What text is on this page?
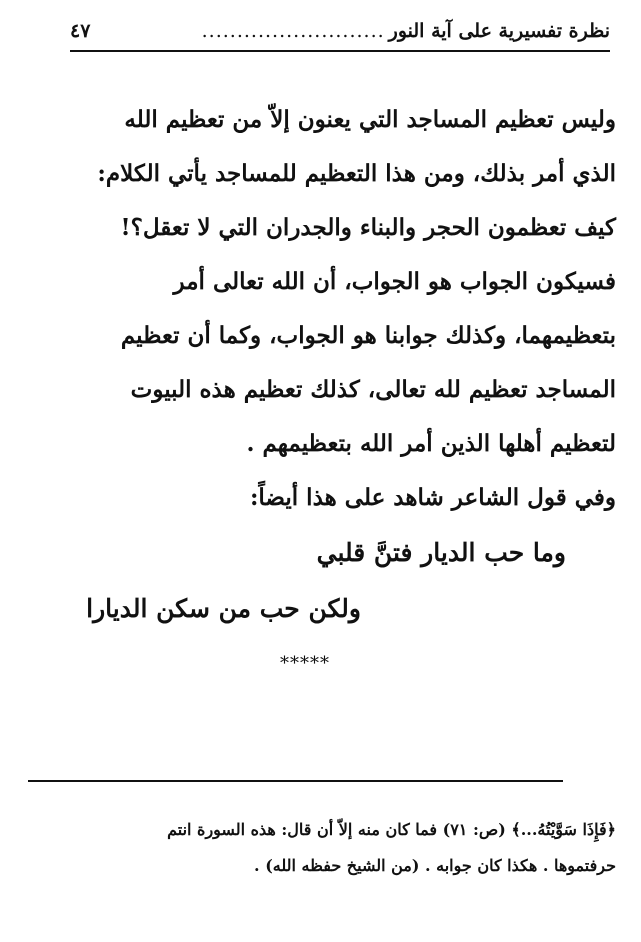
نظرة تفسيرية على آية النور
..........................
٤٧
وليس تعظيم المساجد التي يعنون إلاّ من تعظيم الله
الذي أمر بذلك، ومن هذا التعظيم للمساجد يأتي الكلام:
كيف تعظمون الحجر والبناء والجدران التي لا تعقل؟!
فسيكون الجواب هو الجواب، أن الله تعالى أمر
بتعظيمهما، وكذلك جوابنا هو الجواب، وكما أن تعظيم
المساجد تعظيم لله تعالى، كذلك تعظيم هذه البيوت
لتعظيم أهلها الذين أمر الله بتعظيمهم .
وفي قول الشاعر شاهد على هذا أيضاً:
وما حب الديار فتنَّ قلبي
ولكن حب من سكن الديارا
*****
﴿فَإِذَا سَوَّيْتُهُ...﴾ (ص: ٧١) فما كان منه إلاّ أن قال: هذه السورة انتم
حرفتموها . هكذا كان جوابه . (من الشيخ حفظه الله) .
